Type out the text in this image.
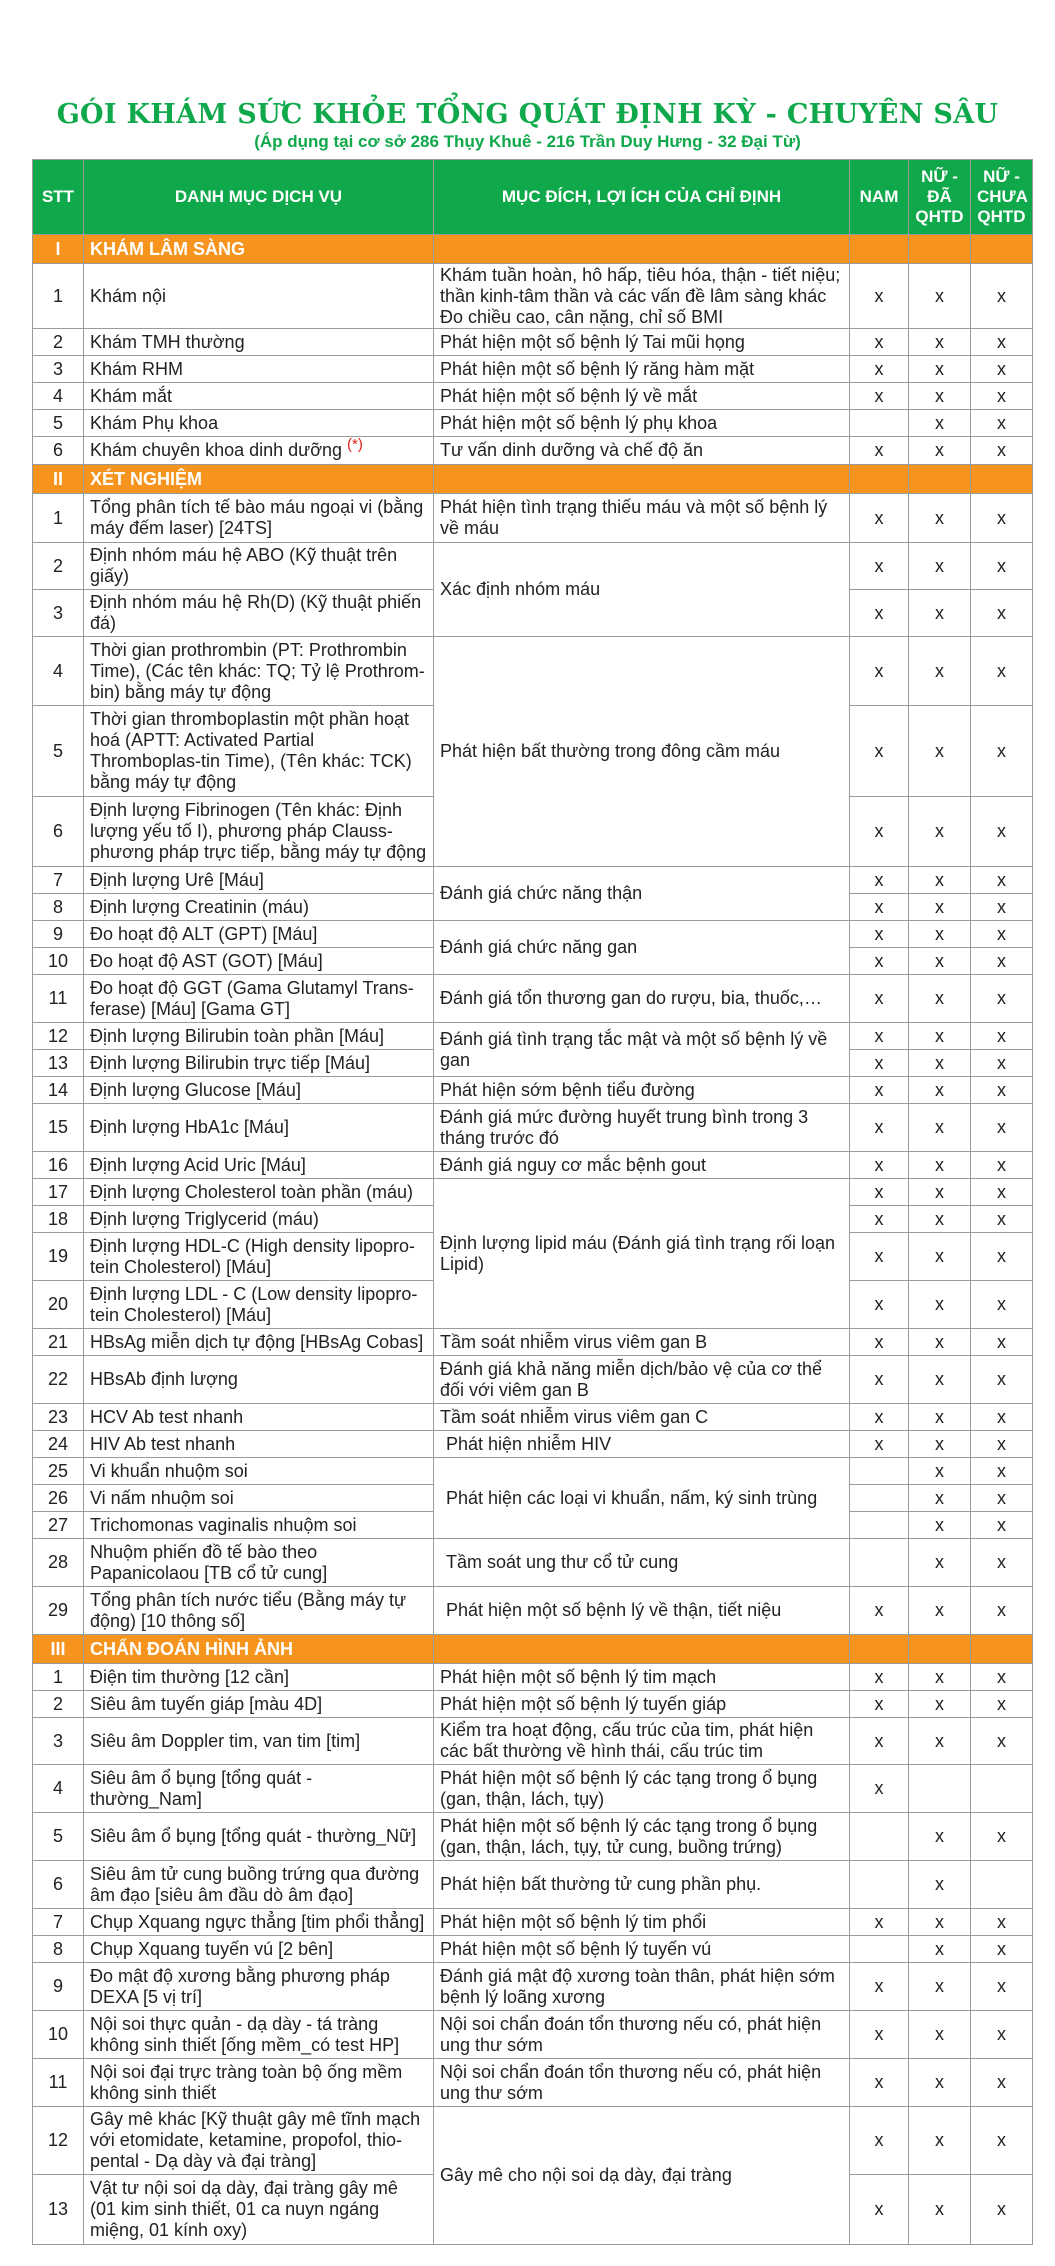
GÓI KHÁM SỨC KHỎE TỔNG QUÁT ĐỊNH KỲ - CHUYÊN SÂU
(Áp dụng tại cơ sở 286 Thụy Khuê - 216 Trần Duy Hưng - 32 Đại Từ)
STT	DANH MỤC DỊCH VỤ	MỤC ĐÍCH, LỢI ÍCH CỦA CHỈ ĐỊNH	NAM	NỮ - ĐÃ QHTD	NỮ - CHƯA QHTD
I	KHÁM LÂM SÀNG				
1	Khám nội	Khám tuần hoàn, hô hấp, tiêu hóa, thận - tiết niệu; thần kinh-tâm thần và các vấn đề lâm sàng khác Đo chiều cao, cân nặng, chỉ số BMI	x	x	x
2	Khám TMH thường	Phát hiện một số bệnh lý Tai mũi họng	x	x	x
3	Khám RHM	Phát hiện một số bệnh lý răng hàm mặt	x	x	x
4	Khám mắt	Phát hiện một số bệnh lý về mắt	x	x	x
5	Khám Phụ khoa	Phát hiện một số bệnh lý phụ khoa		x	x
6	Khám chuyên khoa dinh dưỡng (*)	Tư vấn dinh dưỡng và chế độ ăn	x	x	x
II	XÉT NGHIỆM				
1	Tổng phân tích tế bào máu ngoại vi (bằng máy đếm laser) [24TS]	Phát hiện tình trạng thiếu máu và một số bệnh lý về máu	x	x	x
2	Định nhóm máu hệ ABO (Kỹ thuật trên giấy)	Xác định nhóm máu	x	x	x
3	Định nhóm máu hệ Rh(D) (Kỹ thuật phiến đá)		x	x	x
4	Thời gian prothrombin (PT: Prothrombin Time), (Các tên khác: TQ; Tỷ lệ Prothrom-bin) bằng máy tự động	Phát hiện bất thường trong đông cầm máu	x	x	x
5	Thời gian thromboplastin một phần hoạt hoá (APTT: Activated Partial Thromboplas-tin Time), (Tên khác: TCK) bằng máy tự động		x	x	x
6	Định lượng Fibrinogen (Tên khác: Định lượng yếu tố I), phương pháp Clauss-phương pháp trực tiếp, bằng máy tự động		x	x	x
7	Định lượng Urê [Máu]	Đánh giá chức năng thận	x	x	x
8	Định lượng Creatinin (máu)		x	x	x
9	Đo hoạt độ ALT (GPT) [Máu]	Đánh giá chức năng gan	x	x	x
10	Đo hoạt độ AST (GOT) [Máu]		x	x	x
11	Đo hoạt độ GGT (Gama Glutamyl Trans-ferase) [Máu] [Gama GT]	Đánh giá tổn thương gan do rượu, bia, thuốc,…	x	x	x
12	Định lượng Bilirubin toàn phần [Máu]	Đánh giá tình trạng tắc mật và một số bệnh lý về gan	x	x	x
13	Định lượng Bilirubin trực tiếp [Máu]		x	x	x
14	Định lượng Glucose [Máu]	Phát hiện sớm bệnh tiểu đường	x	x	x
15	Định lượng HbA1c [Máu]	Đánh giá mức đường huyết trung bình trong 3 tháng trước đó	x	x	x
16	Định lượng Acid Uric [Máu]	Đánh giá nguy cơ mắc bệnh gout	x	x	x
17	Định lượng Cholesterol toàn phần (máu)	Định lượng lipid máu (Đánh giá tình trạng rối loạn Lipid)	x	x	x
18	Định lượng Triglycerid (máu)		x	x	x
19	Định lượng HDL-C (High density lipopro-tein Cholesterol) [Máu]		x	x	x
20	Định lượng LDL - C (Low density lipopro-tein Cholesterol) [Máu]		x	x	x
21	HBsAg miễn dịch tự động [HBsAg Cobas]	Tầm soát nhiễm virus viêm gan B	x	x	x
22	HBsAb định lượng	Đánh giá khả năng miễn dịch/bảo vệ của cơ thể đối với viêm gan B	x	x	x
23	HCV Ab test nhanh	Tầm soát nhiễm virus viêm gan C	x	x	x
24	HIV Ab test nhanh	Phát hiện nhiễm HIV	x	x	x
25	Vi khuẩn nhuộm soi	Phát hiện các loại vi khuẩn, nấm, ký sinh trùng		x	x
26	Vi nấm nhuộm soi			x	x
27	Trichomonas vaginalis nhuộm soi			x	x
28	Nhuộm phiến đồ tế bào theo Papanicolaou [TB cổ tử cung]	Tầm soát ung thư cổ tử cung		x	x
29	Tổng phân tích nước tiểu (Bằng máy tự động) [10 thông số]	Phát hiện một số bệnh lý về thận, tiết niệu	x	x	x
III	CHẨN ĐOÁN HÌNH ẢNH				
1	Điện tim thường [12 cần]	Phát hiện một số bệnh lý tim mạch	x	x	x
2	Siêu âm tuyến giáp [màu 4D]	Phát hiện một số bệnh lý tuyến giáp	x	x	x
3	Siêu âm Doppler tim, van tim [tim]	Kiểm tra hoạt động, cấu trúc của tim, phát hiện các bất thường về hình thái, cấu trúc tim	x	x	x
4	Siêu âm ổ bụng [tổng quát - thường_Nam]	Phát hiện một số bệnh lý các tạng trong ổ bụng (gan, thận, lách, tụy)	x		
5	Siêu âm ổ bụng [tổng quát - thường_Nữ]	Phát hiện một số bệnh lý các tạng trong ổ bụng (gan, thận, lách, tụy, tử cung, buồng trứng)		x	x
6	Siêu âm tử cung buồng trứng qua đường âm đạo [siêu âm đầu dò âm đạo]	Phát hiện bất thường tử cung phần phụ.		x	
7	Chụp Xquang ngực thẳng [tim phổi thẳng]	Phát hiện một số bệnh lý tim phổi	x	x	x
8	Chụp Xquang tuyến vú [2 bên]	Phát hiện một số bệnh lý tuyến vú		x	x
9	Đo mật độ xương bằng phương pháp DEXA [5 vị trí]	Đánh giá mật độ xương toàn thân, phát hiện sớm bệnh lý loãng xương	x	x	x
10	Nội soi thực quản - dạ dày - tá tràng không sinh thiết [ống mềm_có test HP]	Nội soi chẩn đoán tổn thương nếu có, phát hiện ung thư sớm	x	x	x
11	Nội soi đại trực tràng toàn bộ ống mềm không sinh thiết	Nội soi chẩn đoán tổn thương nếu có, phát hiện ung thư sớm	x	x	x
12	Gây mê khác [Kỹ thuật gây mê tĩnh mạch với etomidate, ketamine, propofol, thio-pental - Dạ dày và đại tràng]	Gây mê cho nội soi dạ dày, đại tràng	x	x	x
13	Vật tư nội soi dạ dày, đại tràng gây mê (01 kim sinh thiết, 01 ca nuyn ngáng miệng, 01 kính oxy)		x	x	x
